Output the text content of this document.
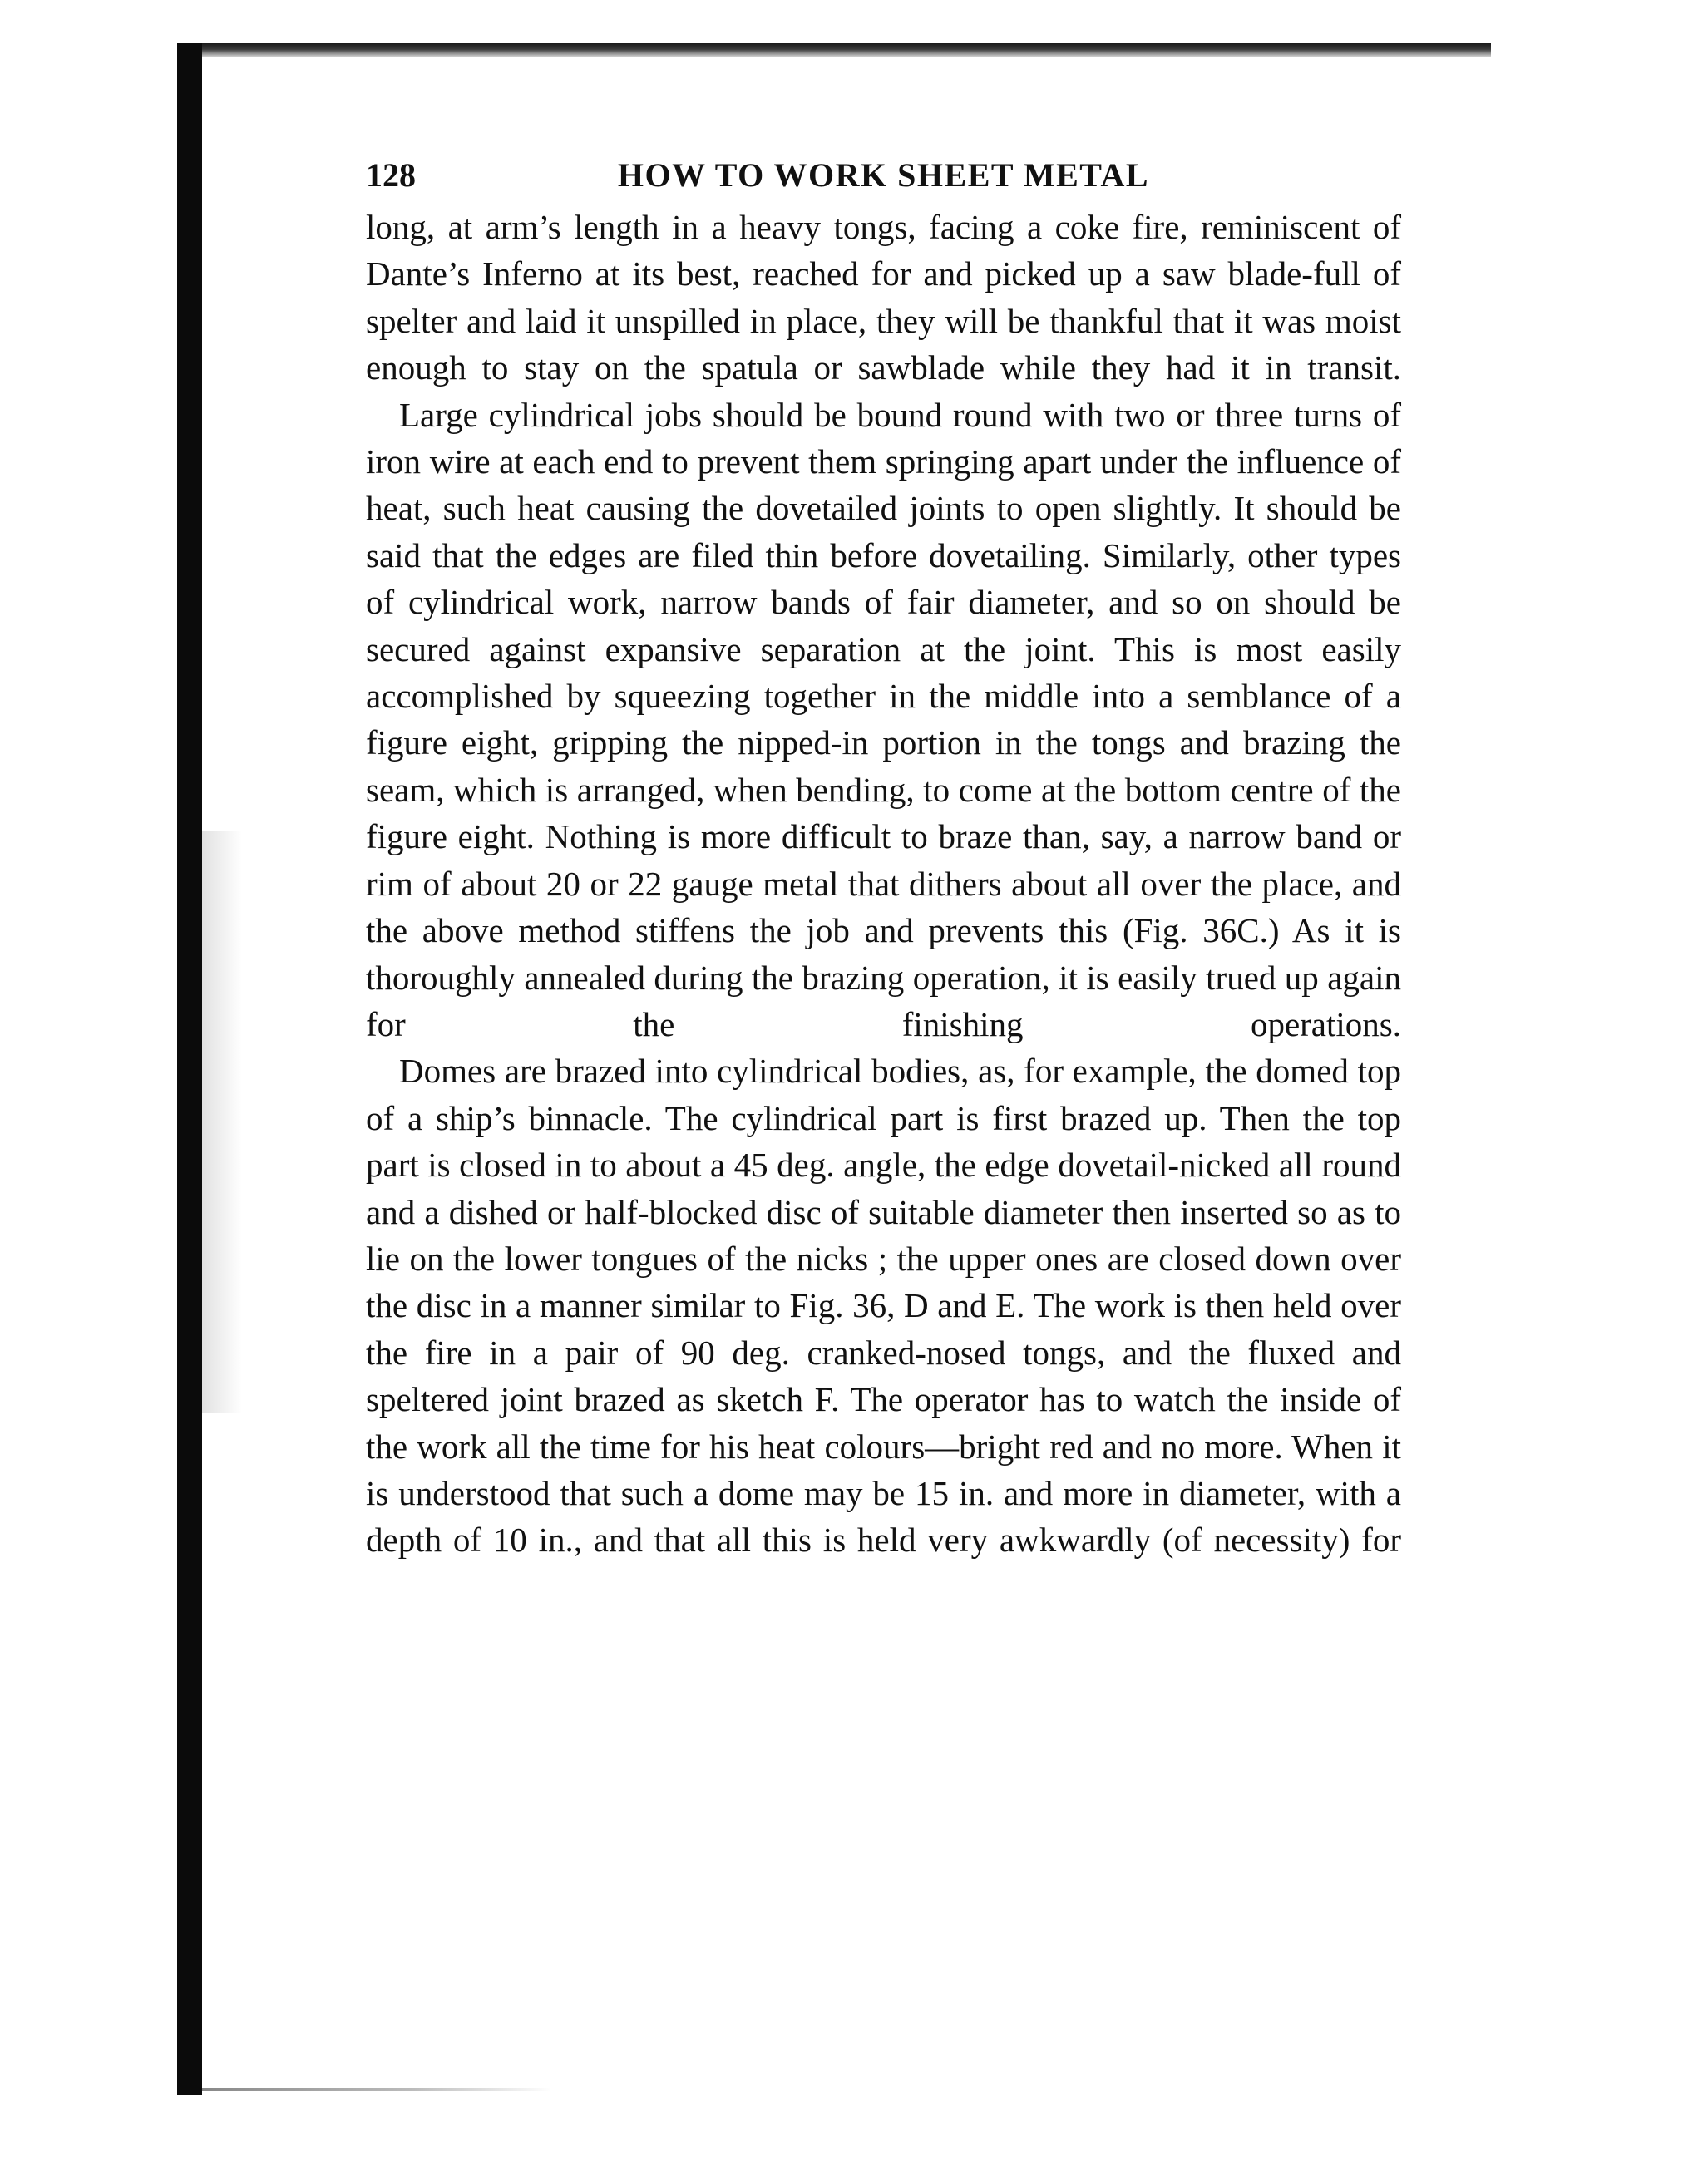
128	HOW TO WORK SHEET METAL

long, at arm’s length in a heavy tongs, facing a coke fire, reminiscent of Dante’s Inferno at its best, reached for and picked up a saw blade-full of spelter and laid it unspilled in place, they will be thankful that it was moist enough to stay on the spatula or sawblade while they had it in transit.

Large cylindrical jobs should be bound round with two or three turns of iron wire at each end to prevent them springing apart under the influence of heat, such heat causing the dovetailed joints to open slightly. It should be said that the edges are filed thin before dovetailing. Similarly, other types of cylindrical work, narrow bands of fair diameter, and so on should be secured against expansive separation at the joint. This is most easily accomplished by squeezing together in the middle into a semblance of a figure eight, gripping the nipped-in portion in the tongs and brazing the seam, which is arranged, when bending, to come at the bottom centre of the figure eight. Nothing is more difficult to braze than, say, a narrow band or rim of about 20 or 22 gauge metal that dithers about all over the place, and the above method stiffens the job and prevents this (Fig. 36C.) As it is thoroughly annealed during the brazing operation, it is easily trued up again for the finishing operations.

Domes are brazed into cylindrical bodies, as, for example, the domed top of a ship’s binnacle. The cylindrical part is first brazed up. Then the top part is closed in to about a 45 deg. angle, the edge dovetail-nicked all round and a dished or half-blocked disc of suitable diameter then inserted so as to lie on the lower tongues of the nicks ; the upper ones are closed down over the disc in a manner similar to Fig. 36, D and E. The work is then held over the fire in a pair of 90 deg. cranked-nosed tongs, and the fluxed and speltered joint brazed as sketch F. The operator has to watch the inside of the work all the time for his heat colours—bright red and no more. When it is understood that such a dome may be 15 in. and more in diameter, with a depth of 10 in., and that all this is held very awkwardly (of necessity) for
